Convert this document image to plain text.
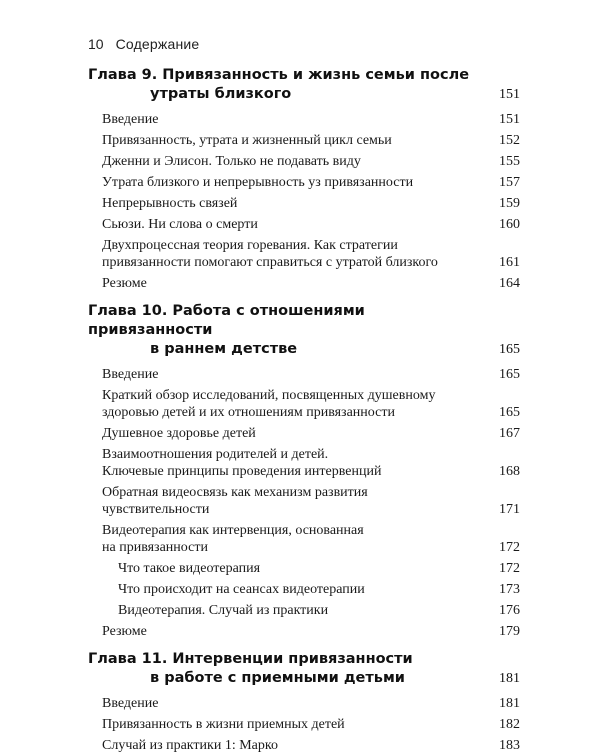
10 Содержание
Глава 9. Привязанность и жизнь семьи после
утраты близкого	151
Введение	151
Привязанность, утрата и жизненный цикл семьи	152
Дженни и Элисон. Только не подавать виду	155
Утрата близкого и непрерывность уз привязанности	157
Непрерывность связей	159
Сьюзи. Ни слова о смерти	160
Двухпроцессная теория горевания. Как стратегии
привязанности помогают справиться с утратой близкого	161
Резюме	164
Глава 10. Работа с отношениями привязанности
в раннем детстве	165
Введение	165
Краткий обзор исследований, посвященных душевному
здоровью детей и их отношениям привязанности	165
Душевное здоровье детей	167
Взаимоотношения родителей и детей.
Ключевые принципы проведения интервенций	168
Обратная видеосвязь как механизм развития
чувствительности	171
Видеотерапия как интервенция, основанная
на привязанности	172
Что такое видеотерапия	172
Что происходит на сеансах видеотерапии	173
Видеотерапия. Случай из практики	176
Резюме	179
Глава 11. Интервенции привязанности
в работе с приемными детьми	181
Введение	181
Привязанность в жизни приемных детей	182
Случай из практики 1: Марко	183
